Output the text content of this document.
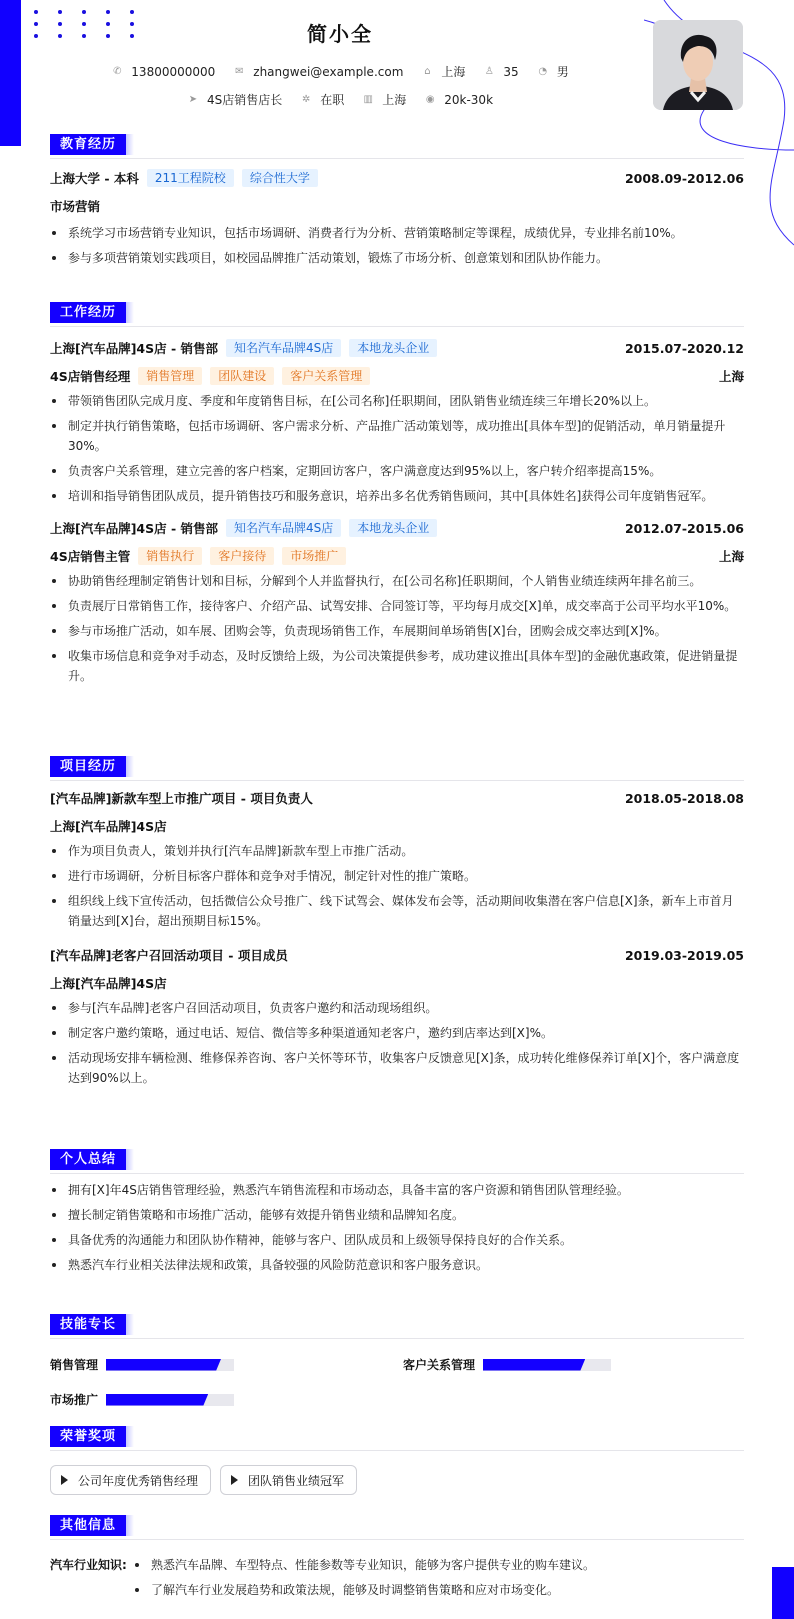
简小全
✆ 13800000000 ✉ zhangwei@example.com ⌂ 上海 ♙ 35 ◔ 男
➤ 4S店销售店长 ✲ 在职 ▥ 上海 ◉ 20k-30k
教育经历
上海大学 - 本科	211工程院校	综合性大学	2008.09-2012.06
市场营销
系统学习市场营销专业知识，包括市场调研、消费者行为分析、营销策略制定等课程，成绩优异，专业排名前10%。
参与多项营销策划实践项目，如校园品牌推广活动策划，锻炼了市场分析、创意策划和团队协作能力。
工作经历
上海[汽车品牌]4S店 - 销售部	知名汽车品牌4S店	本地龙头企业	2015.07-2020.12
4S店销售经理	销售管理	团队建设	客户关系管理	上海
带领销售团队完成月度、季度和年度销售目标，在[公司名称]任职期间，团队销售业绩连续三年增长20%以上。
制定并执行销售策略，包括市场调研、客户需求分析、产品推广活动策划等，成功推出[具体车型]的促销活动，单月销量提升30%。
负责客户关系管理，建立完善的客户档案，定期回访客户，客户满意度达到95%以上，客户转介绍率提高15%。
培训和指导销售团队成员，提升销售技巧和服务意识，培养出多名优秀销售顾问，其中[具体姓名]获得公司年度销售冠军。
上海[汽车品牌]4S店 - 销售部	知名汽车品牌4S店	本地龙头企业	2012.07-2015.06
4S店销售主管	销售执行	客户接待	市场推广	上海
协助销售经理制定销售计划和目标，分解到个人并监督执行，在[公司名称]任职期间，个人销售业绩连续两年排名前三。
负责展厅日常销售工作，接待客户、介绍产品、试驾安排、合同签订等，平均每月成交[X]单，成交率高于公司平均水平10%。
参与市场推广活动，如车展、团购会等，负责现场销售工作，车展期间单场销售[X]台，团购会成交率达到[X]%。
收集市场信息和竞争对手动态，及时反馈给上级，为公司决策提供参考，成功建议推出[具体车型]的金融优惠政策，促进销量提升。
项目经历
[汽车品牌]新款车型上市推广项目 - 项目负责人	2018.05-2018.08
上海[汽车品牌]4S店
作为项目负责人，策划并执行[汽车品牌]新款车型上市推广活动。
进行市场调研，分析目标客户群体和竞争对手情况，制定针对性的推广策略。
组织线上线下宣传活动，包括微信公众号推广、线下试驾会、媒体发布会等，活动期间收集潜在客户信息[X]条，新车上市首月销量达到[X]台，超出预期目标15%。
[汽车品牌]老客户召回活动项目 - 项目成员	2019.03-2019.05
上海[汽车品牌]4S店
参与[汽车品牌]老客户召回活动项目，负责客户邀约和活动现场组织。
制定客户邀约策略，通过电话、短信、微信等多种渠道通知老客户，邀约到店率达到[X]%。
活动现场安排车辆检测、维修保养咨询、客户关怀等环节，收集客户反馈意见[X]条，成功转化维修保养订单[X]个，客户满意度达到90%以上。
个人总结
拥有[X]年4S店销售管理经验，熟悉汽车销售流程和市场动态，具备丰富的客户资源和销售团队管理经验。
擅长制定销售策略和市场推广活动，能够有效提升销售业绩和品牌知名度。
具备优秀的沟通能力和团队协作精神，能够与客户、团队成员和上级领导保持良好的合作关系。
熟悉汽车行业相关法律法规和政策，具备较强的风险防范意识和客户服务意识。
技能专长
销售管理	客户关系管理
市场推广
荣誉奖项
公司年度优秀销售经理	团队销售业绩冠军
其他信息
汽车行业知识:	熟悉汽车品牌、车型特点、性能参数等专业知识，能够为客户提供专业的购车建议。
了解汽车行业发展趋势和政策法规，能够及时调整销售策略和应对市场变化。
